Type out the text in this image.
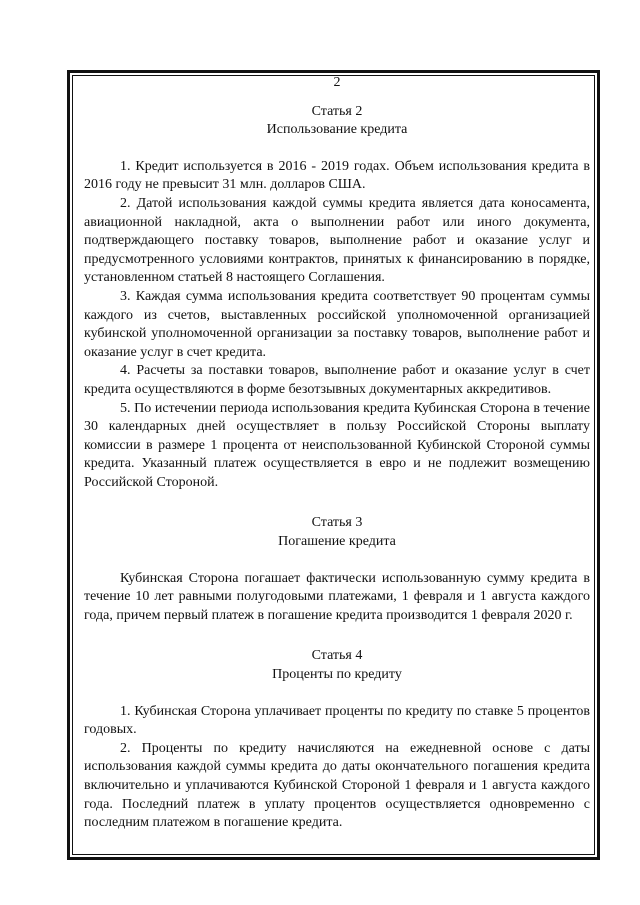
2
Статья 2
Использование кредита

1. Кредит используется в 2016 - 2019 годах. Объем использования кредита в 2016 году не превысит 31 млн. долларов США.

2. Датой использования каждой суммы кредита является дата коносамента, авиационной накладной, акта о выполнении работ или иного документа, подтверждающего поставку товаров, выполнение работ и оказание услуг и предусмотренного условиями контрактов, принятых к финансированию в порядке, установленном статьей 8 настоящего Соглашения.

3. Каждая сумма использования кредита соответствует 90 процентам суммы каждого из счетов, выставленных российской уполномоченной организацией кубинской уполномоченной организации за поставку товаров, выполнение работ и оказание услуг в счет кредита.

4. Расчеты за поставки товаров, выполнение работ и оказание услуг в счет кредита осуществляются в форме безотзывных документарных аккредитивов.

5. По истечении периода использования кредита Кубинская Сторона в течение 30 календарных дней осуществляет в пользу Российской Стороны выплату комиссии в размере 1 процента от неиспользованной Кубинской Стороной суммы кредита. Указанный платеж осуществляется в евро и не подлежит возмещению Российской Стороной.

Статья 3
Погашение кредита

Кубинская Сторона погашает фактически использованную сумму кредита в течение 10 лет равными полугодовыми платежами, 1 февраля и 1 августа каждого года, причем первый платеж в погашение кредита производится 1 февраля 2020 г.

Статья 4
Проценты по кредиту

1. Кубинская Сторона уплачивает проценты по кредиту по ставке 5 процентов годовых.

2. Проценты по кредиту начисляются на ежедневной основе с даты использования каждой суммы кредита до даты окончательного погашения кредита включительно и уплачиваются Кубинской Стороной 1 февраля и 1 августа каждого года. Последний платеж в уплату процентов осуществляется одновременно с последним платежом в погашение кредита.
